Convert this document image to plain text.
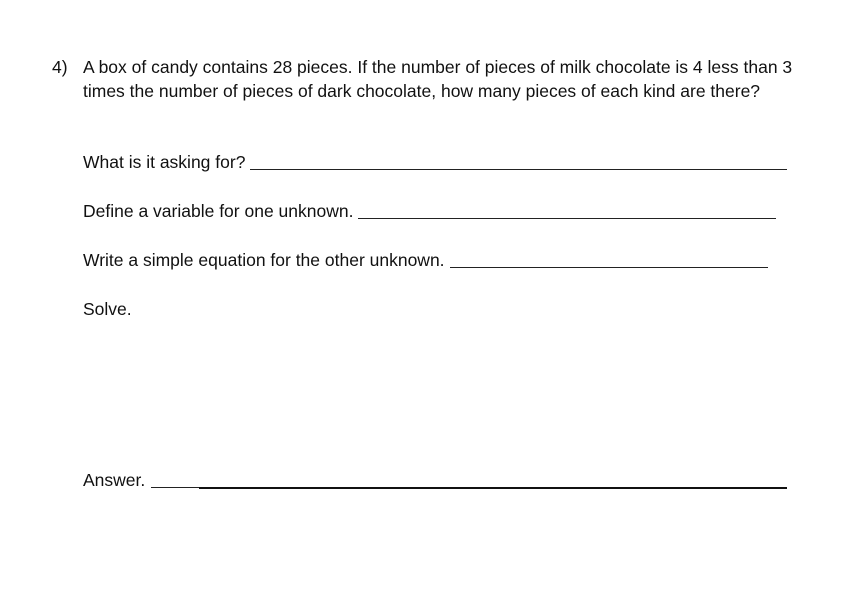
4) A box of candy contains 28 pieces. If the number of pieces of milk chocolate is 4 less than 3 times the number of pieces of dark chocolate, how many pieces of each kind are there?
What is it asking for?
Define a variable for one unknown.
Write a simple equation for the other unknown.
Solve.
Answer.
